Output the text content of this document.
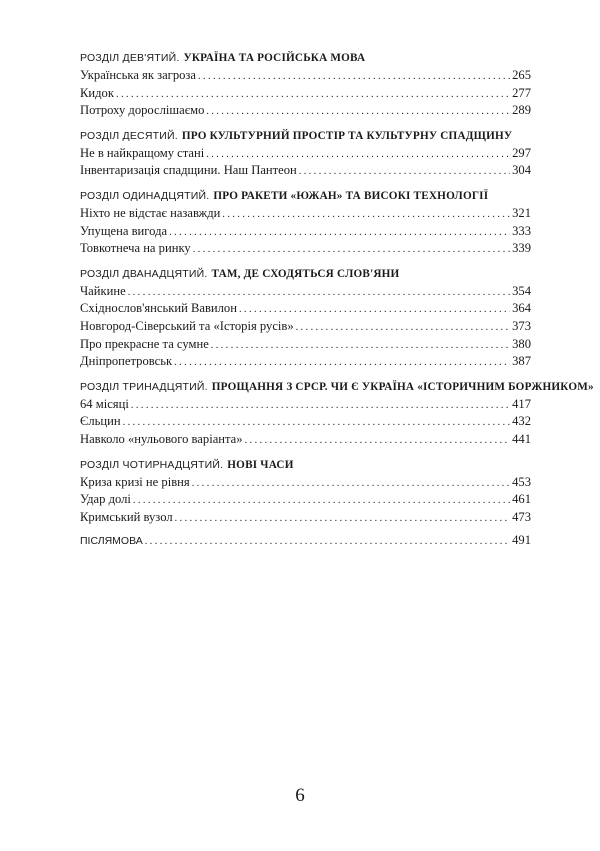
РОЗДІЛ ДЕВ'ЯТИЙ. УКРАЇНА ТА РОСІЙСЬКА МОВА
Українська як загроза . . .	265
Кидок . . .	277
Потроху дорослішаємо . . .	289
РОЗДІЛ ДЕСЯТИЙ. ПРО КУЛЬТУРНИЙ ПРОСТІР ТА КУЛЬТУРНУ СПАДЩИНУ
Не в найкращому стані . . .	297
Інвентаризація спадщини. Наш Пантеон . . .	304
РОЗДІЛ ОДИНАДЦЯТИЙ. ПРО РАКЕТИ «ЮЖАН» ТА ВИСОКІ ТЕХНОЛОГІЇ
Ніхто не відстає назавжди . . .	321
Упущена вигода . . .	333
Товкотнеча на ринку . . .	339
РОЗДІЛ ДВАНАДЦЯТИЙ. ТАМ, ДЕ СХОДЯТЬСЯ СЛОВ'ЯНИ
Чайкине . . .	354
Східнослов'янський Вавилон . . .	364
Новгород-Сіверський та «Історія русів» . . .	373
Про прекрасне та сумне . . .	380
Дніпропетровськ . . .	387
РОЗДІЛ ТРИНАДЦЯТИЙ. ПРОЩАННЯ З СРСР. ЧИ Є УКРАЇНА «ІСТОРИЧНИМ БОРЖНИКОМ»
64 місяці . . .	417
Єльцин . . .	432
Навколо «нульового варіанта» . . .	441
РОЗДІЛ ЧОТИРНАДЦЯТИЙ. НОВІ ЧАСИ
Криза кризі не рівня . . .	453
Удар долі . . .	461
Кримський вузол . . .	473
ПІСЛЯМОВА . . .	491
6
